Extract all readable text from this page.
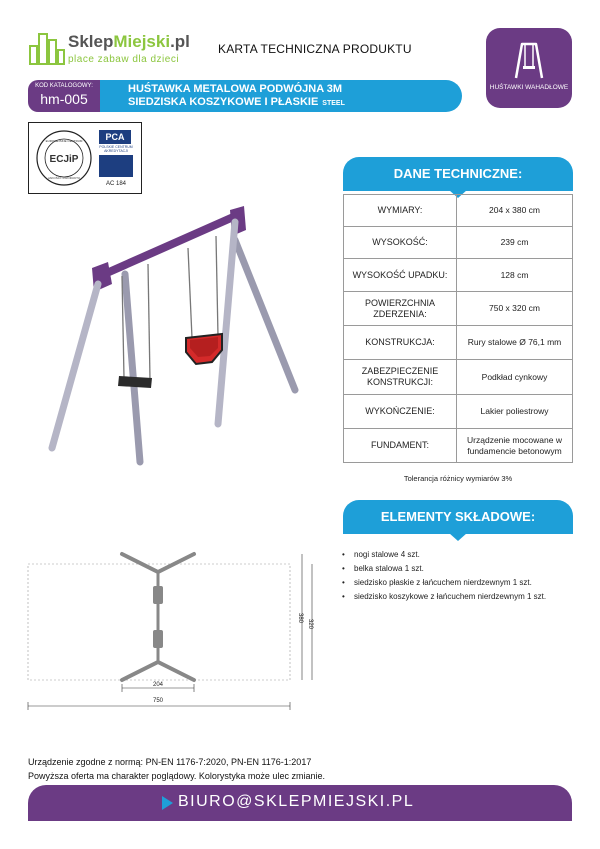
SklepMiejski.pl
place zabaw dla dzieci
KARTA TECHNICZNA PRODUKTU
HUŚTAWKI WAHADŁOWE
KOD KATALOGOWY:
hm-005
HUŚTAWKA METALOWA PODWÓJNA 3M
SIEDZISKA KOSZYKOWE I PŁASKIE STEEL
ECJiP
EUROPEJSKIE CENTRUM
JAKOŚCI I PRODUKTU
PCA
POLSKIE CENTRUM AKREDYTACJI
AC 184
DANE TECHNICZNE:
WYMIARY:	204 x 380 cm
WYSOKOŚĆ:	239 cm
WYSOKOŚĆ UPADKU:	128 cm
POWIERZCHNIA ZDERZENIA:	750 x 320 cm
KONSTRUKCJA:	Rury stalowe Ø 76,1 mm
ZABEZPIECZENIE KONSTRUKCJI:	Podkład cynkowy
WYKOŃCZENIE:	Lakier poliestrowy
FUNDAMENT:	Urządzenie mocowane w fundamencie betonowym
Tolerancja różnicy wymiarów 3%
ELEMENTY SKŁADOWE:
• nogi stalowe 4 szt.
• belka stalowa 1 szt.
• siedzisko płaskie z łańcuchem nierdzewnym 1 szt.
• siedzisko koszykowe z łańcuchem nierdzewnym 1 szt.
204
750
380
320
Urządzenie zgodne z normą: PN-EN 1176-7:2020, PN-EN 1176-1:2017
Powyższa oferta ma charakter poglądowy. Kolorystyka może ulec zmianie.
BIURO@SKLEPMIEJSKI.PL
